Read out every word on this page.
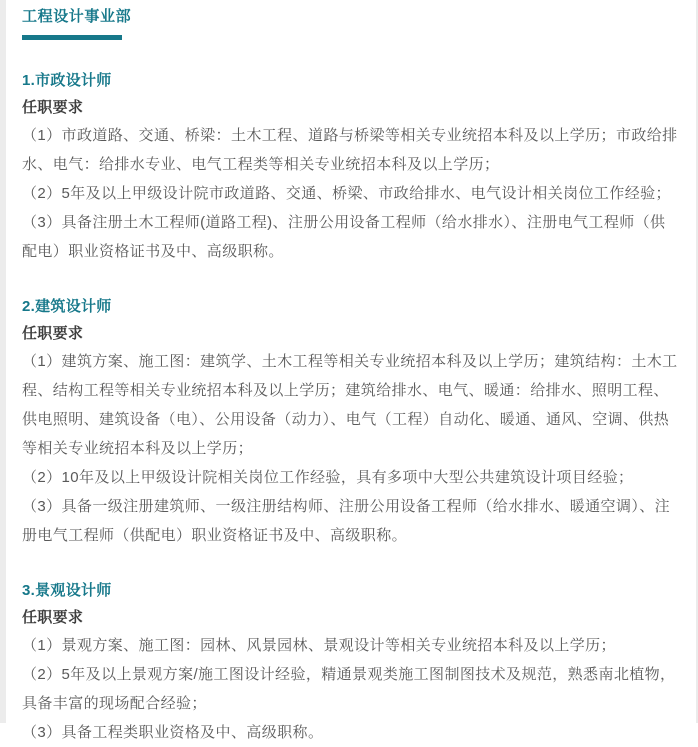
工程设计事业部
1.市政设计师
任职要求

（1）市政道路、交通、桥梁：土木工程、道路与桥梁等相关专业统招本科及以上学历；市政给排水、电气：给排水专业、电气工程类等相关专业统招本科及以上学历；

（2）5年及以上甲级设计院市政道路、交通、桥梁、市政给排水、电气设计相关岗位工作经验；

（3）具备注册土木工程师(道路工程)、注册公用设备工程师（给水排水）、注册电气工程师（供配电）职业资格证书及中、高级职称。

2.建筑设计师
任职要求

（1）建筑方案、施工图：建筑学、土木工程等相关专业统招本科及以上学历；建筑结构：土木工程、结构工程等相关专业统招本科及以上学历；建筑给排水、电气、暖通：给排水、照明工程、供电照明、建筑设备（电）、公用设备（动力）、电气（工程）自动化、暖通、通风、空调、供热等相关专业统招本科及以上学历；

（2）10年及以上甲级设计院相关岗位工作经验，具有多项中大型公共建筑设计项目经验；

（3）具备一级注册建筑师、一级注册结构师、注册公用设备工程师（给水排水、暖通空调）、注册电气工程师（供配电）职业资格证书及中、高级职称。

3.景观设计师
任职要求

（1）景观方案、施工图：园林、风景园林、景观设计等相关专业统招本科及以上学历；

（2）5年及以上景观方案/施工图设计经验，精通景观类施工图制图技术及规范，熟悉南北植物，具备丰富的现场配合经验；

（3）具备工程类职业资格及中、高级职称。
